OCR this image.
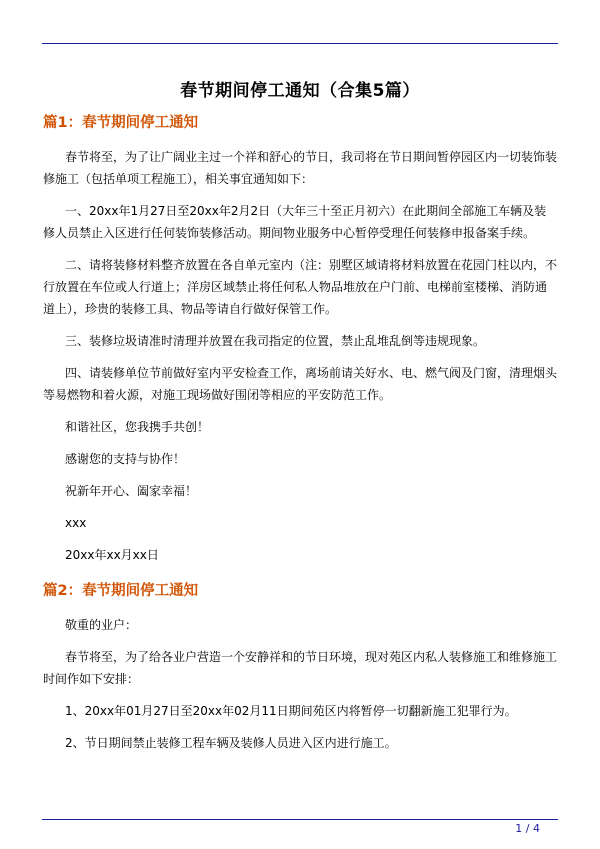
春节期间停工通知（合集5篇）
篇1：春节期间停工通知

春节将至，为了让广阔业主过一个祥和舒心的节日，我司将在节日期间暂停园区内一切装饰装修施工（包括单项工程施工），相关事宜通知如下：

一、20xx年1月27日至20xx年2月2日（大年三十至正月初六）在此期间全部施工车辆及装修人员禁止入区进行任何装饰装修活动。期间物业服务中心暂停受理任何装修申报备案手续。

二、请将装修材料整齐放置在各自单元室内（注：别墅区域请将材料放置在花园门柱以内，不行放置在车位或人行道上；洋房区域禁止将任何私人物品堆放在户门前、电梯前室楼梯、消防通道上），珍贵的装修工具、物品等请自行做好保管工作。

三、装修垃圾请准时清理并放置在我司指定的位置，禁止乱堆乱倒等违规现象。

四、请装修单位节前做好室内平安检查工作，离场前请关好水、电、燃气阀及门窗，清理烟头等易燃物和着火源，对施工现场做好围闭等相应的平安防范工作。

和谐社区，您我携手共创！

感谢您的支持与协作！

祝新年开心、阖家幸福！

xxx

20xx年xx月xx日

篇2：春节期间停工通知

敬重的业户：

春节将至，为了给各业户营造一个安静祥和的节日环境，现对苑区内私人装修施工和维修施工时间作如下安排：

1、20xx年01月27日至20xx年02月11日期间苑区内将暂停一切翻新施工犯罪行为。

2、节日期间禁止装修工程车辆及装修人员进入区内进行施工。

1 / 4
